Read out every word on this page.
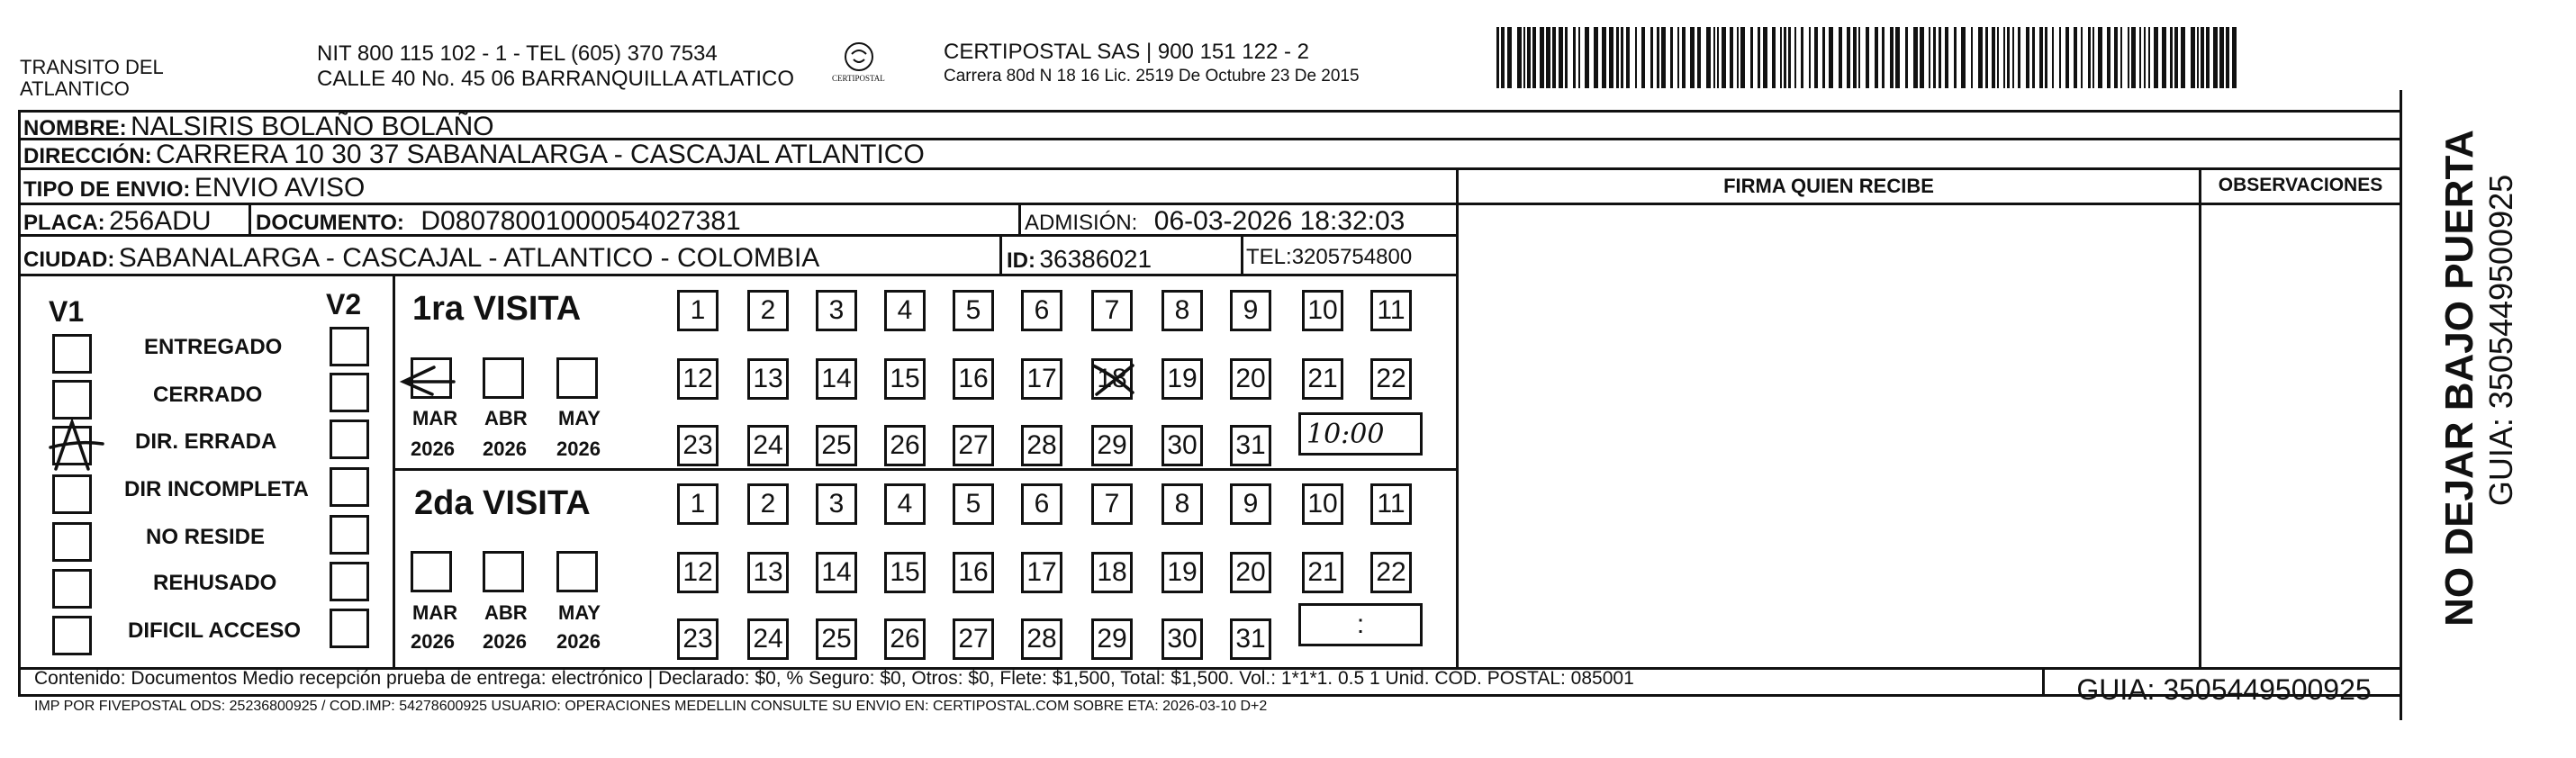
TRANSITO DEL
ATLANTICO
NIT 800 115 102 - 1 - TEL (605) 370 7534
CALLE 40 No. 45 06 BARRANQUILLA ATLATICO	CERTIPOSTAL
CERTIPOSTAL SAS | 900 151 122 - 2
Carrera 80d N 18 16 Lic. 2519 De Octubre 23 De 2015
NOMBRE: NALSIRIS BOLAÑO BOLAÑO
DIRECCIÓN: CARRERA 10 30 37 SABANALARGA - CASCAJAL ATLANTICO
TIPO DE ENVIO: ENVIO AVISO
PLACA: 256ADU DOCUMENTO: D08078001000054027381	ADMISIÓN: 06-03-2026 18:32:03
CIUDAD: SABANALARGA - CASCAJAL - ATLANTICO - COLOMBIA	ID: 36386021	TEL:3205754800
FIRMA QUIEN RECIBE	OBSERVACIONES
V1	V2
ENTREGADO
CERRADO
DIR. ERRADA
DIR INCOMPLETA
NO RESIDE
REHUSADO
DIFICIL ACCESO
1ra VISITA
MAR ABR MAY
2026 2026 2026
1	2	3	4	5	6	7	8	9	10 11
12 13 14 15 16 17 18 19 20 21 22
23 24 25 26 27 28 29 30 31 10:00
2da VISITA
MAR ABR MAY
2026 2026 2026
1	2	3	4	5	6	7	8	9	10 11
12 13 14 15 16 17 18 19 20 21 22
23 24 25 26 27 28 29 30 31	:
Contenido: Documentos Medio recepción prueba de entrega: electrónico | Declarado: $0, % Seguro: $0, Otros: $0, Flete: $1,500, Total: $1,500. Vol.: 1*1*1. 0.5 1 Unid. COD. POSTAL: 085001
IMP POR FIVEPOSTAL ODS: 25236800925 / COD.IMP: 54278600925 USUARIO: OPERACIONES MEDELLIN CONSULTE SU ENVIO EN: CERTIPOSTAL.COM SOBRE ETA: 2026-03-10 D+2
GUIA: 3505449500925
NO DEJAR BAJO PUERTA GUIA: 3505449500925
